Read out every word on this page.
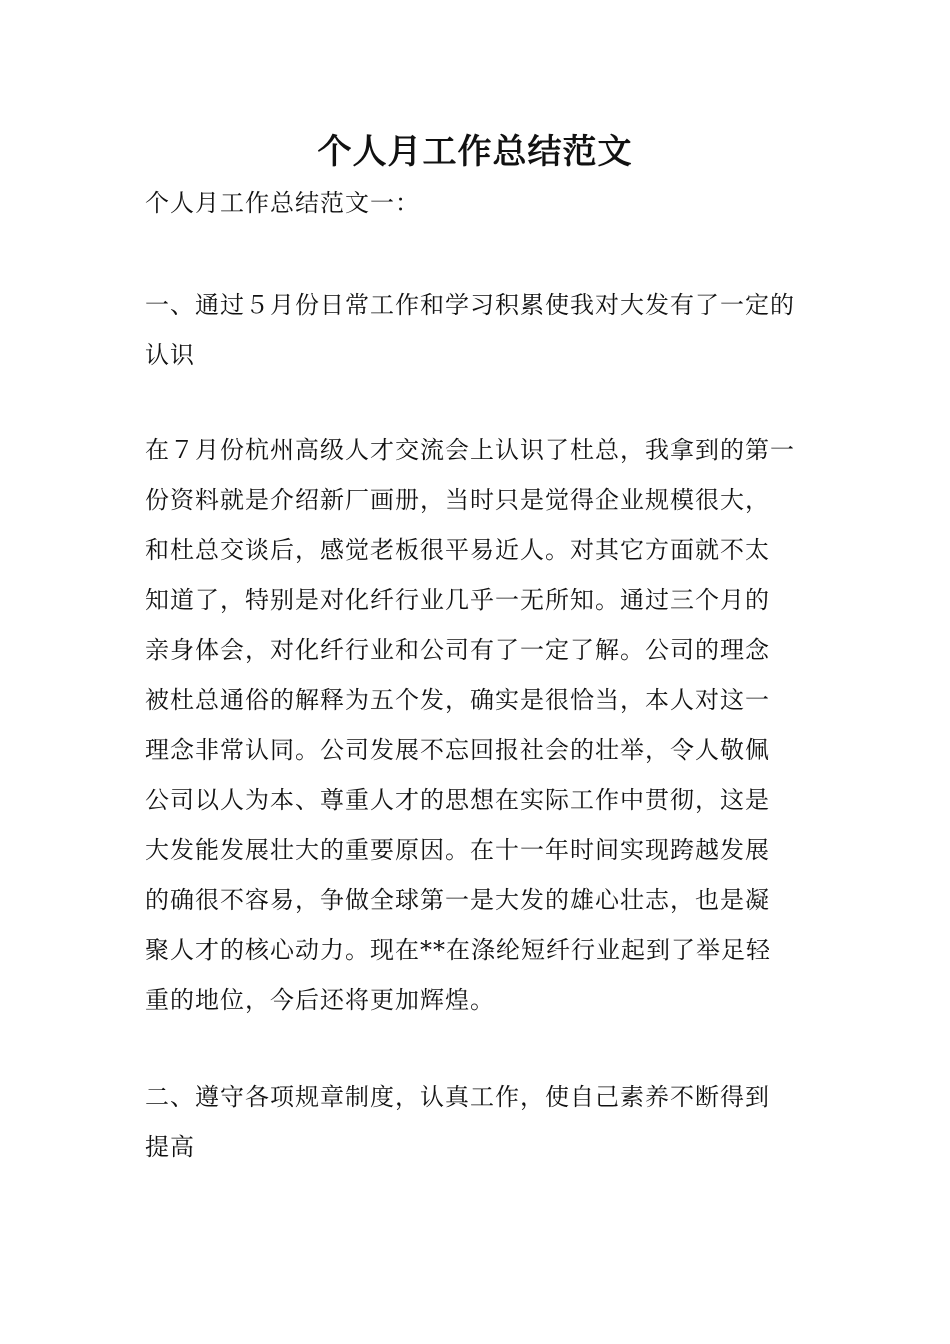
个人月工作总结范文
个人月工作总结范文一：
一、通过５月份日常工作和学习积累使我对大发有了一定的
认识
在７月份杭州高级人才交流会上认识了杜总，我拿到的第一
份资料就是介绍新厂画册，当时只是觉得企业规模很大，
和杜总交谈后，感觉老板很平易近人。对其它方面就不太
知道了，特别是对化纤行业几乎一无所知。通过三个月的
亲身体会，对化纤行业和公司有了一定了解。公司的理念
被杜总通俗的解释为五个发，确实是很恰当，本人对这一
理念非常认同。公司发展不忘回报社会的壮举，令人敬佩
公司以人为本、尊重人才的思想在实际工作中贯彻，这是
大发能发展壮大的重要原因。在十一年时间实现跨越发展
的确很不容易，争做全球第一是大发的雄心壮志，也是凝
聚人才的核心动力。现在**在涤纶短纤行业起到了举足轻
重的地位，今后还将更加辉煌。
二、遵守各项规章制度，认真工作，使自己素养不断得到
提高
